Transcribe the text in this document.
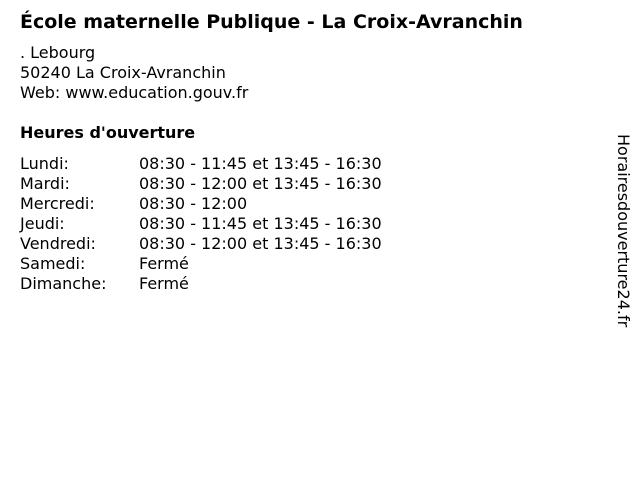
École maternelle Publique - La Croix-Avranchin
. Lebourg
50240 La Croix-Avranchin
Web: www.education.gouv.fr
Heures d'ouverture
Lundi:	08:30 - 11:45 et 13:45 - 16:30
Mardi:	08:30 - 12:00 et 13:45 - 16:30
Mercredi:	08:30 - 12:00
Jeudi:	08:30 - 11:45 et 13:45 - 16:30
Vendredi:	08:30 - 12:00 et 13:45 - 16:30
Samedi:	Fermé
Dimanche:	Fermé	Horairesdouverture24.fr
